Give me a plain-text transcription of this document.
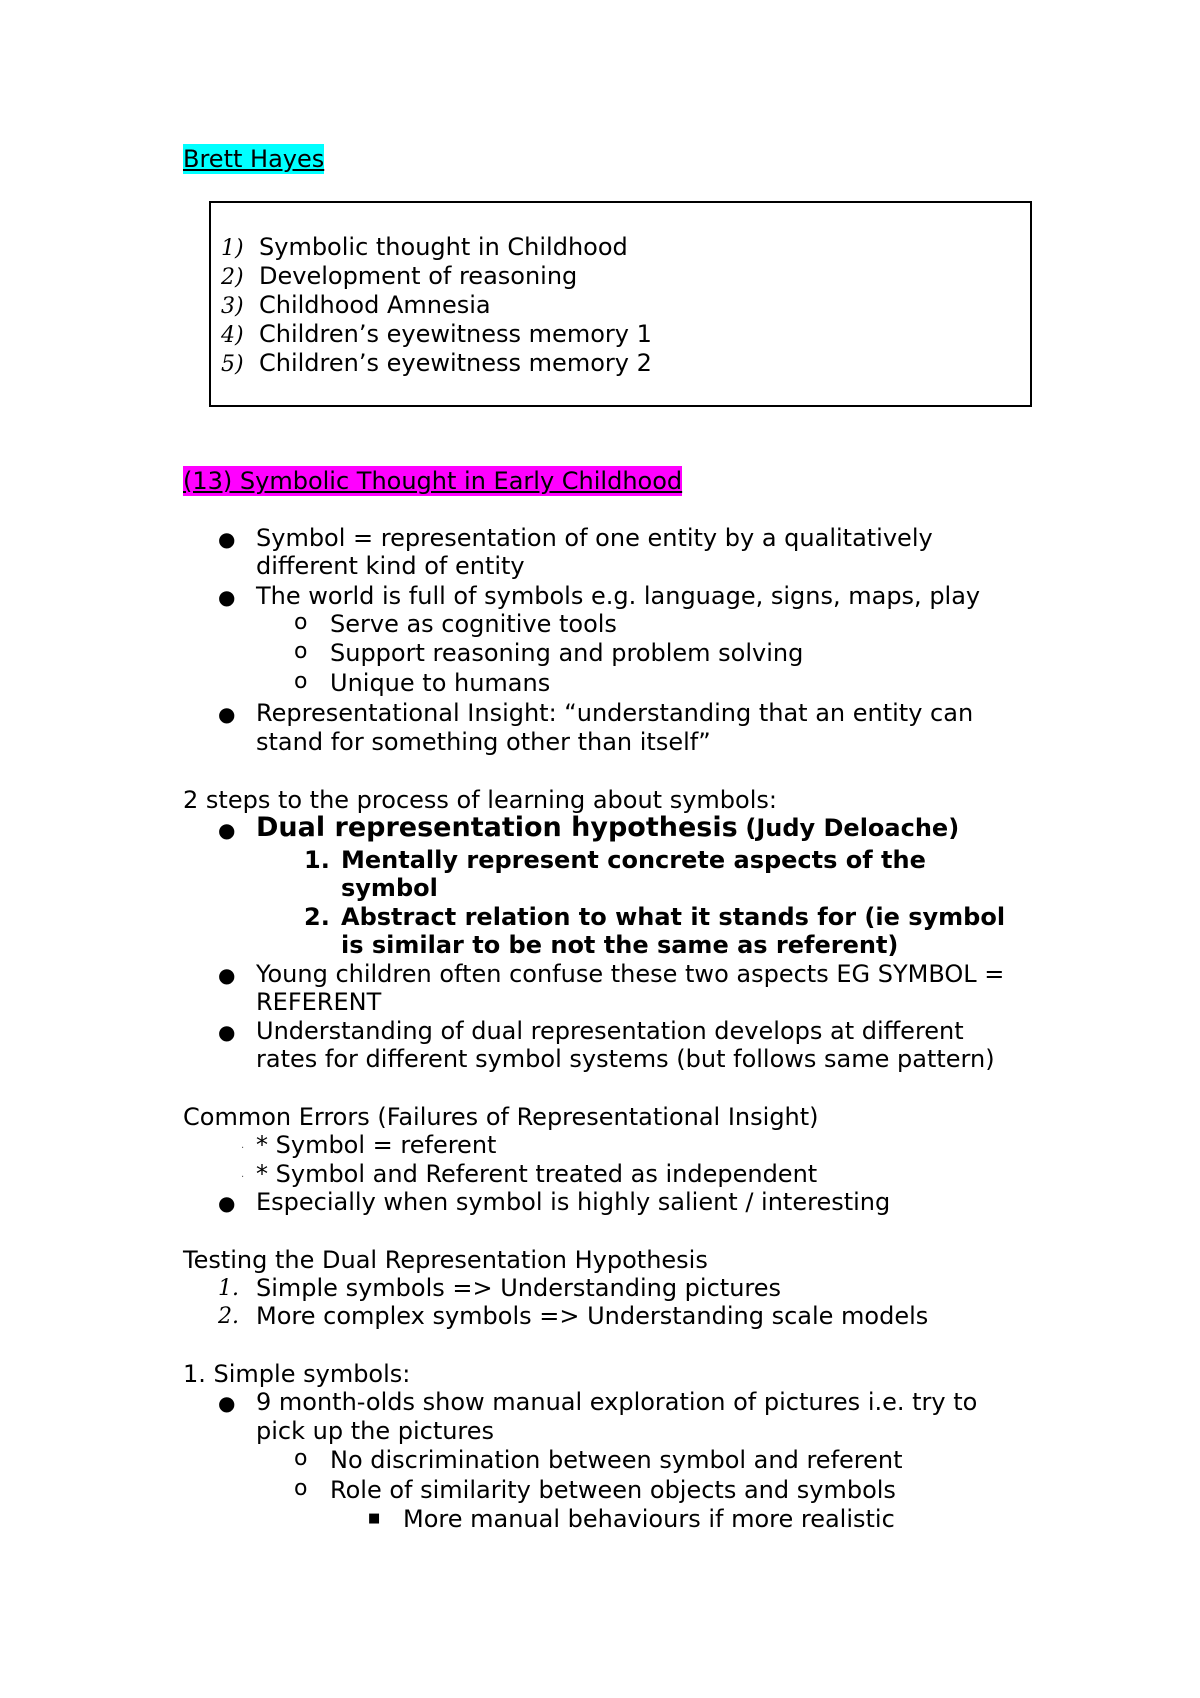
Brett Hayes
1) Symbolic thought in Childhood
2) Development of reasoning
3) Childhood Amnesia
4) Children’s eyewitness memory 1
5) Children’s eyewitness memory 2
(13) Symbolic Thought in Early Childhood
● Symbol = representation of one entity by a qualitatively
different kind of entity
● The world is full of symbols e.g. language, signs, maps, play
o Serve as cognitive tools
o Support reasoning and problem solving
o Unique to humans
● Representational Insight: “understanding that an entity can
stand for something other than itself”
2 steps to the process of learning about symbols:
● Dual representation hypothesis (Judy Deloache)
1. Mentally represent concrete aspects of the
symbol
2. Abstract relation to what it stands for (ie symbol
is similar to be not the same as referent)
● Young children often confuse these two aspects EG SYMBOL =
REFERENT
● Understanding of dual representation develops at different
rates for different symbol systems (but follows same pattern)
Common Errors (Failures of Representational Insight)
. * Symbol = referent
. * Symbol and Referent treated as independent
● Especially when symbol is highly salient / interesting
Testing the Dual Representation Hypothesis
1. Simple symbols => Understanding pictures
2. More complex symbols => Understanding scale models
1. Simple symbols:
● 9 month-olds show manual exploration of pictures i.e. try to
pick up the pictures
o No discrimination between symbol and referent
o Role of similarity between objects and symbols
■ More manual behaviours if more realistic
